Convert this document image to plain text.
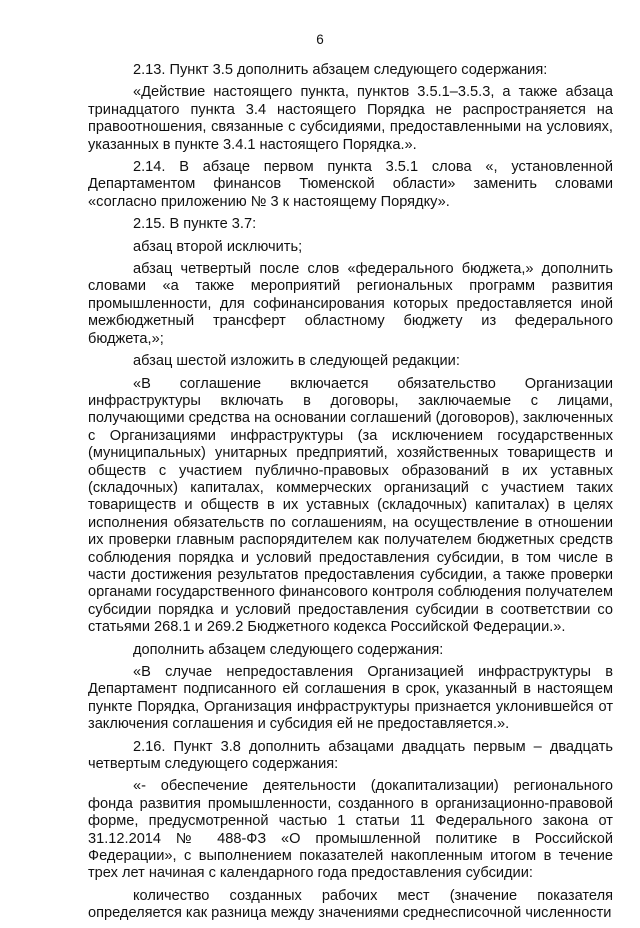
6

2.13. Пункт 3.5 дополнить абзацем следующего содержания:

«Действие настоящего пункта, пунктов 3.5.1–3.5.3, а также абзаца тринадцатого пункта 3.4 настоящего Порядка не распространяется на правоотношения, связанные с субсидиями, предоставленными на условиях, указанных в пункте 3.4.1 настоящего Порядка.».

2.14. В абзаце первом пункта 3.5.1 слова «, установленной Департаментом финансов Тюменской области» заменить словами «согласно приложению № 3 к настоящему Порядку».

2.15. В пункте 3.7:

абзац второй исключить;

абзац четвертый после слов «федерального бюджета,» дополнить словами «а также мероприятий региональных программ развития промышленности, для софинансирования которых предоставляется иной межбюджетный трансферт областному бюджету из федерального бюджета,»;

абзац шестой изложить в следующей редакции:

«В соглашение включается обязательство Организации инфраструктуры включать в договоры, заключаемые с лицами, получающими средства на основании соглашений (договоров), заключенных с Организациями инфраструктуры (за исключением государственных (муниципальных) унитарных предприятий, хозяйственных товариществ и обществ с участием публично-правовых образований в их уставных (складочных) капиталах, коммерческих организаций с участием таких товариществ и обществ в их уставных (складочных) капиталах) в целях исполнения обязательств по соглашениям, на осуществление в отношении их проверки главным распорядителем как получателем бюджетных средств соблюдения порядка и условий предоставления субсидии, в том числе в части достижения результатов предоставления субсидии, а также проверки органами государственного финансового контроля соблюдения получателем субсидии порядка и условий предоставления субсидии в соответствии со статьями 268.1 и 269.2 Бюджетного кодекса Российской Федерации.».

дополнить абзацем следующего содержания:

«В случае непредоставления Организацией инфраструктуры в Департамент подписанного ей соглашения в срок, указанный в настоящем пункте Порядка, Организация инфраструктуры признается уклонившейся от заключения соглашения и субсидия ей не предоставляется.».

2.16. Пункт 3.8 дополнить абзацами двадцать первым – двадцать четвертым следующего содержания:

«- обеспечение деятельности (докапитализации) регионального фонда развития промышленности, созданного в организационно-правовой форме, предусмотренной частью 1 статьи 11 Федерального закона от 31.12.2014 № 488-ФЗ «О промышленной политике в Российской Федерации», с выполнением показателей накопленным итогом в течение трех лет начиная с календарного года предоставления субсидии:

количество созданных рабочих мест (значение показателя определяется как разница между значениями среднесписочной численности
